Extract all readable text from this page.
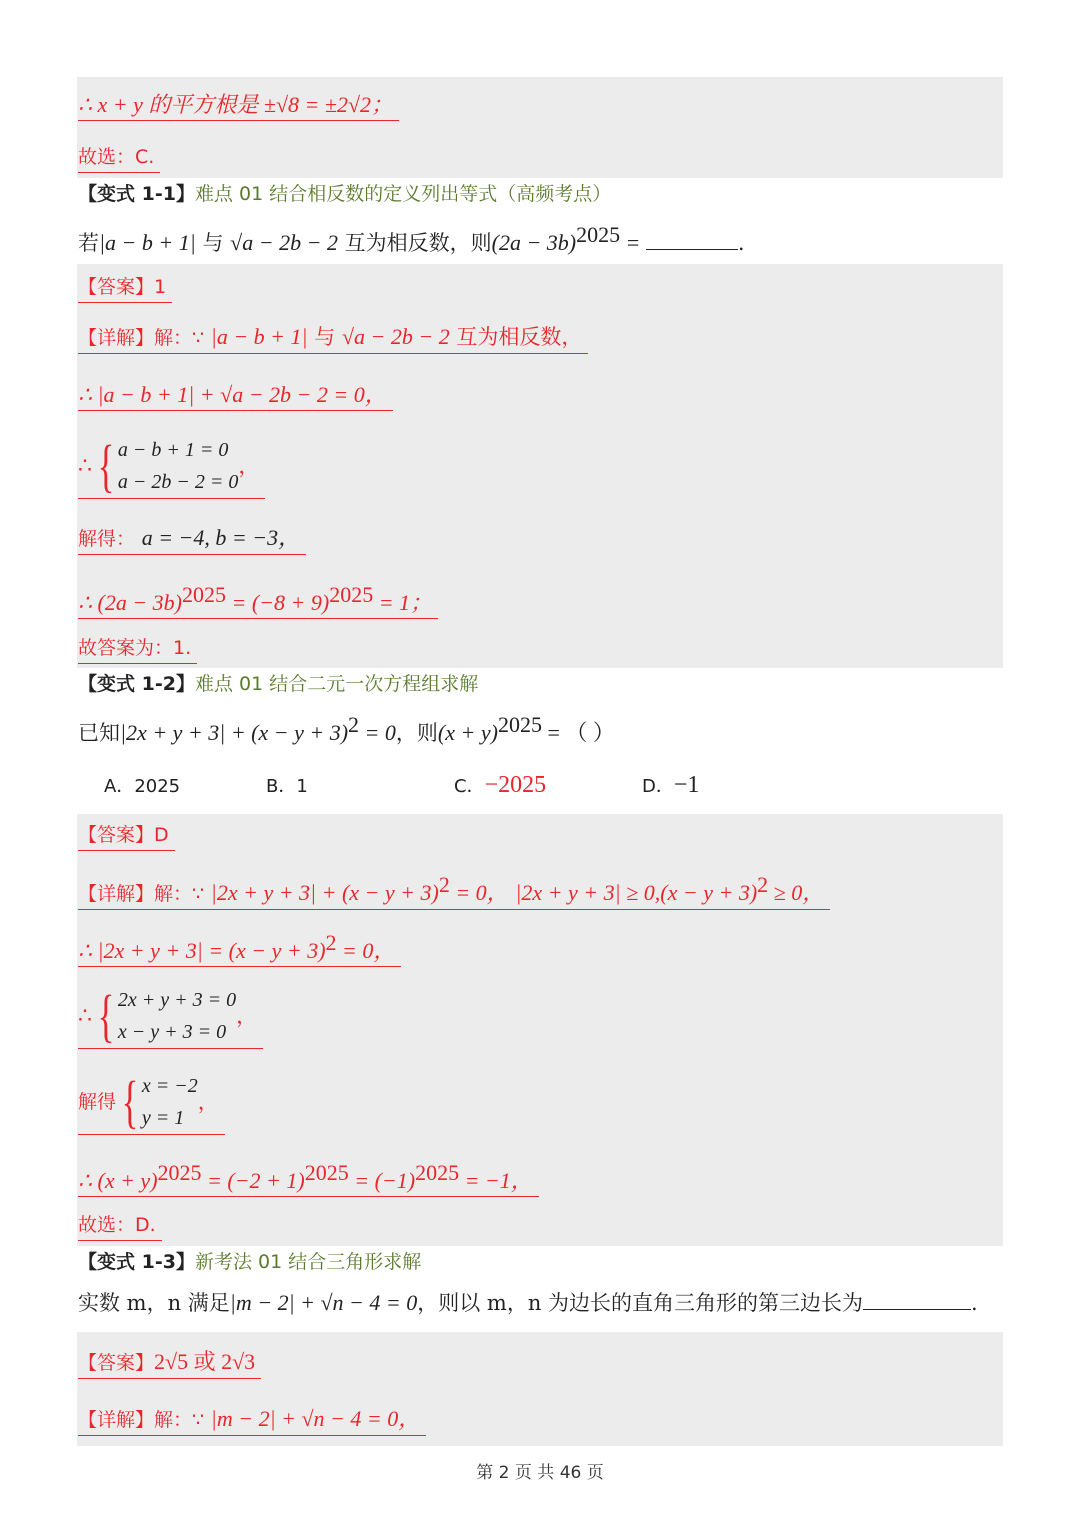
∴ x + y 的平方根是 ±√8 = ±2√2；
故选：C.
【变式 1-1】难点 01 结合相反数的定义列出等式（高频考点）
若|a − b + 1| 与 √a − 2b − 2 互为相反数，则$(2a - 3b)^{2025}$ =	.
【答案】1
【详解】解：∵ |a − b + 1| 与 √a − 2b − 2 互为相反数，
∴ |a − b + 1| + √a − 2b − 2 = 0，
∴ { a − b + 1 = 0
a − 2b − 2 = 0
，
解得： a = −4, b = −3，
∴ $(2a - 3b)^{2025} = (-8 + 9)^{2025} = 1$；
故答案为：1.
【变式 1-2】难点 01 结合二元一次方程组求解
已知$|2x + y + 3| + (x - y + 3)^2 = 0$，则$(x + y)^{2025}$ = （ ）
A．2025	B．1	C．−2025	D．−1
【答案】D
【详解】解：∵ $|2x + y + 3| + (x - y + 3)^2 = 0$， $|2x + y + 3| \ge 0,(x - y + 3)^2 \ge 0$，
∴ $|2x + y + 3| = (x - y + 3)^2 = 0$，
∴ { 2x + y + 3 = 0
x − y + 3 = 0
，
解得 { x = −2
y = 1
，
∴ $(x + y)^{2025} = (-2 + 1)^{2025} = (-1)^{2025} = -1$，
故选：D.
【变式 1-3】新考法 01 结合三角形求解
实数 m，n 满足|m − 2| + √n − 4 = 0，则以 m，n 为边长的直角三角形的第三边长为	.
【答案】2√5 或 2√3
【详解】解：∵ |m − 2| + √n − 4 = 0，
第 2 页 共 46 页
